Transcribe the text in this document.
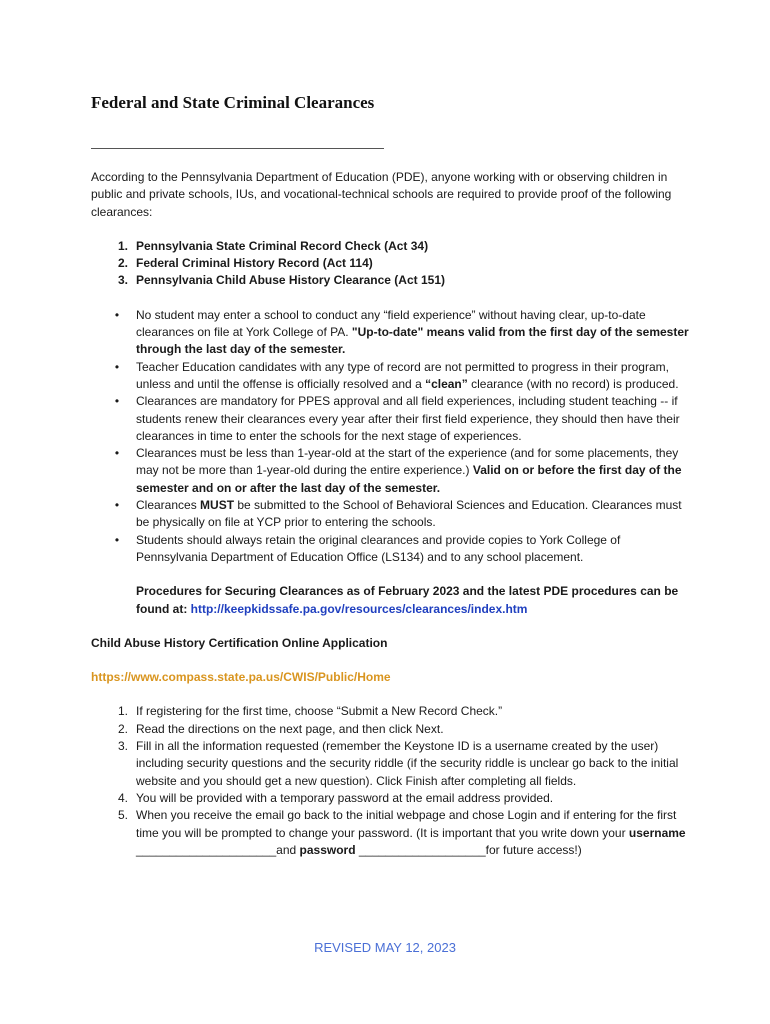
Federal and State Criminal Clearances

According to the Pennsylvania Department of Education (PDE), anyone working with or observing children in public and private schools, IUs, and vocational-technical schools are required to provide proof of the following clearances:

1. Pennsylvania State Criminal Record Check (Act 34)
2. Federal Criminal History Record (Act 114)
3. Pennsylvania Child Abuse History Clearance (Act 151)
• No student may enter a school to conduct any “field experience” without having clear, up-to-date clearances on file at York College of PA. "Up-to-date" means valid from the first day of the semester through the last day of the semester.
• Teacher Education candidates with any type of record are not permitted to progress in their program, unless and until the offense is officially resolved and a “clean” clearance (with no record) is produced.
• Clearances are mandatory for PPES approval and all field experiences, including student teaching -- if students renew their clearances every year after their first field experience, they should then have their clearances in time to enter the schools for the next stage of experiences.
• Clearances must be less than 1-year-old at the start of the experience (and for some placements, they may not be more than 1-year-old during the entire experience.) Valid on or before the first day of the semester and on or after the last day of the semester.
• Clearances MUST be submitted to the School of Behavioral Sciences and Education. Clearances must be physically on file at YCP prior to entering the schools.
• Students should always retain the original clearances and provide copies to York College of Pennsylvania Department of Education Office (LS134) and to any school placement.

Procedures for Securing Clearances as of February 2023 and the latest PDE procedures can be found at: http://keepkidssafe.pa.gov/resources/clearances/index.htm

Child Abuse History Certification Online Application

https://www.compass.state.pa.us/CWIS/Public/Home

1. If registering for the first time, choose “Submit a New Record Check.”
2. Read the directions on the next page, and then click Next.
3. Fill in all the information requested (remember the Keystone ID is a username created by the user) including security questions and the security riddle (if the security riddle is unclear go back to the initial website and you should get a new question). Click Finish after completing all fields.
4. You will be provided with a temporary password at the email address provided.
5. When you receive the email go back to the initial webpage and chose Login and if entering for the first time you will be prompted to change your password. (It is important that you write down your username _____________________and password ___________________for future access!)
REVISED MAY 12, 2023
